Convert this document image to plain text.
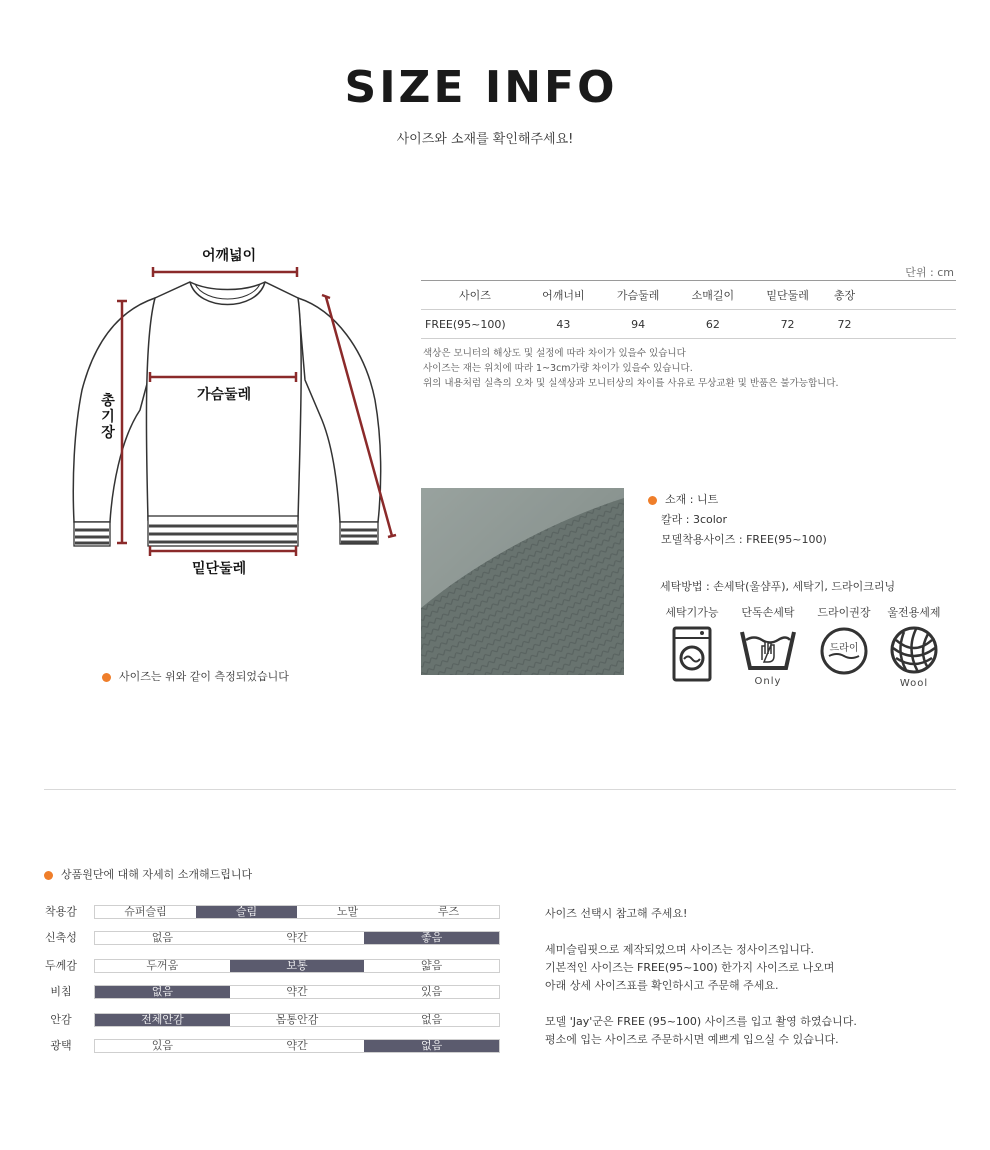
SIZE INFO
사이즈와 소재를 확인해주세요!
어깨넓이
가슴둘레
밑단둘레
총
기
장
사이즈는 위와 같이 측정되었습니다
단위 : cm
사이즈	어깨너비	가슴둘레	소매길이	밑단둘레	총장	
FREE(95~100)	43	94	62	72	72	
색상은 모니터의 해상도 및 설정에 따라 차이가 있을수 있습니다
사이즈는 재는 위치에 따라 1~3cm가량 차이가 있을수 있습니다.
위의 내용처럼 실측의 오차 및 실색상과 모니터상의 차이를 사유로 무상교환 및 반품은 불가능합니다.
소재 : 니트
칼라 : 3color
모델착용사이즈 : FREE(95~100)
세탁방법 : 손세탁(울샴푸), 세탁기, 드라이크리닝
세탁기가능	단독손세탁
Only
드라이권장
드라이
울전용세제
Wool
상품원단에 대해 자세히 소개해드립니다
착용감	슈퍼슬림	슬림	노말	루즈
신축성	없음	약간	좋음
두께감	두꺼움	보통	얇음
비침	없음	약간	있음
안감	전체안감	몸통안감	없음
광택	있음	약간	없음

사이즈 선택시 참고해 주세요!

세미슬림핏으로 제작되었으며 사이즈는 정사이즈입니다.

기본적인 사이즈는 FREE(95~100) 한가지 사이즈로 나오며

아래 상세 사이즈표를 확인하시고 주문해 주세요.

모델 'Jay'군은 FREE (95~100) 사이즈를 입고 촬영 하였습니다.

평소에 입는 사이즈로 주문하시면 예쁘게 입으실 수 있습니다.
